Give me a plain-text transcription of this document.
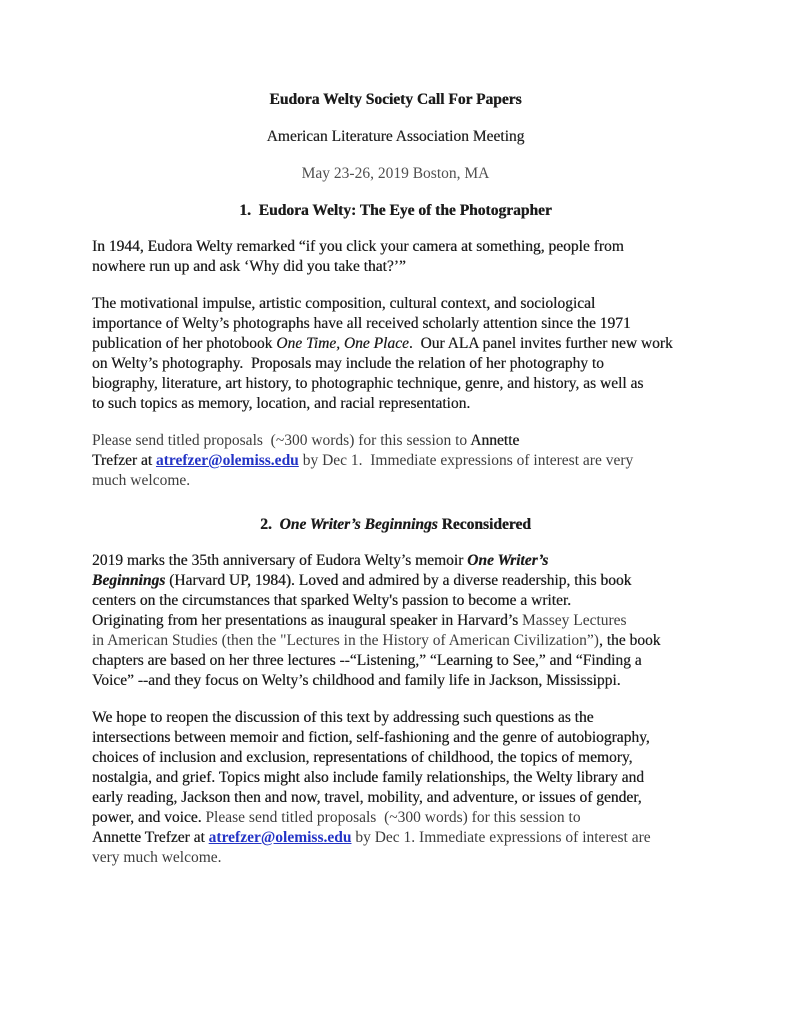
Eudora Welty Society Call For Papers
American Literature Association Meeting
May 23-26, 2019 Boston, MA
1.  Eudora Welty: The Eye of the Photographer
In 1944, Eudora Welty remarked “if you click your camera at something, people from
nowhere run up and ask ‘Why did you take that?’”
The motivational impulse, artistic composition, cultural context, and sociological
importance of Welty’s photographs have all received scholarly attention since the 1971
publication of her photobook One Time, One Place.  Our ALA panel invites further new work
on Welty’s photography.  Proposals may include the relation of her photography to
biography, literature, art history, to photographic technique, genre, and history, as well as
to such topics as memory, location, and racial representation.
Please send titled proposals  (~300 words) for this session to Annette
Trefzer at atrefzer@olemiss.edu by Dec 1.  Immediate expressions of interest are very
much welcome.
2.  One Writer’s Beginnings Reconsidered
2019 marks the 35th anniversary of Eudora Welty’s memoir One Writer’s
Beginnings (Harvard UP, 1984). Loved and admired by a diverse readership, this book
centers on the circumstances that sparked Welty's passion to become a writer.
Originating from her presentations as inaugural speaker in Harvard’s Massey Lectures
in American Studies (then the "Lectures in the History of American Civilization”), the book
chapters are based on her three lectures --“Listening,” “Learning to See,” and “Finding a
Voice” --and they focus on Welty’s childhood and family life in Jackson, Mississippi.
We hope to reopen the discussion of this text by addressing such questions as the
intersections between memoir and fiction, self-fashioning and the genre of autobiography,
choices of inclusion and exclusion, representations of childhood, the topics of memory,
nostalgia, and grief. Topics might also include family relationships, the Welty library and
early reading, Jackson then and now, travel, mobility, and adventure, or issues of gender,
power, and voice. Please send titled proposals  (~300 words) for this session to
Annette Trefzer at atrefzer@olemiss.edu by Dec 1. Immediate expressions of interest are
very much welcome.
